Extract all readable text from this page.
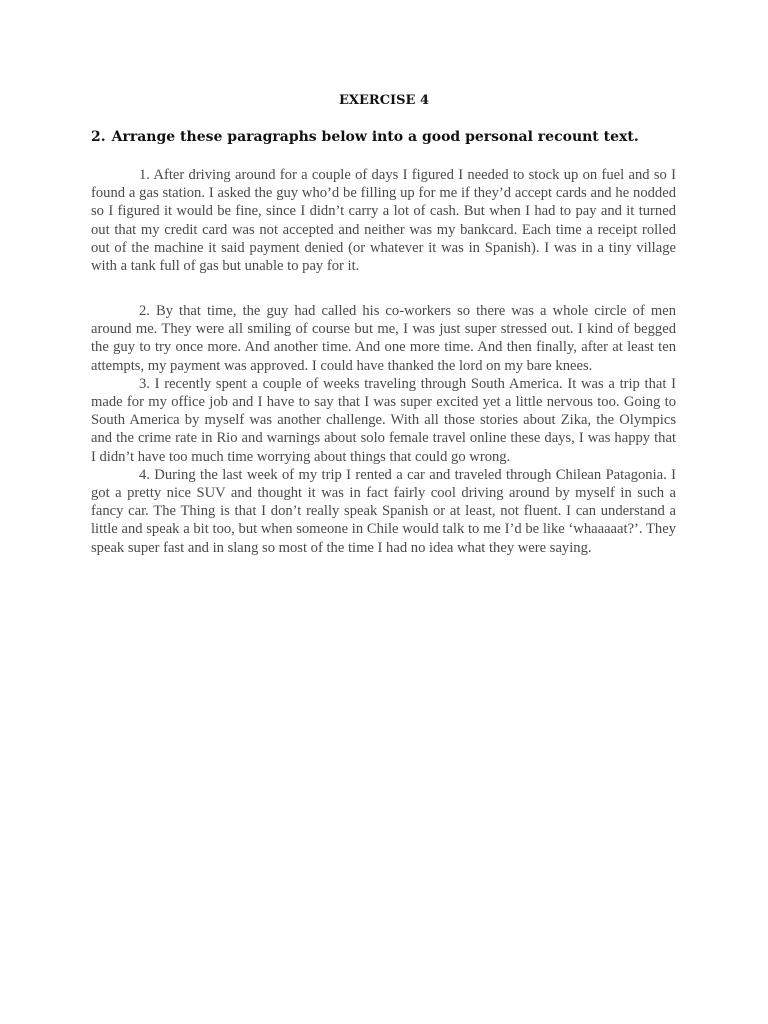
EXERCISE 4
2. Arrange these paragraphs below into a good personal recount text.

1. After driving around for a couple of days I figured I needed to stock up on fuel and so I found a gas station. I asked the guy who’d be filling up for me if they’d accept cards and he nodded so I figured it would be fine, since I didn’t carry a lot of cash. But when I had to pay and it turned out that my credit card was not accepted and neither was my bankcard. Each time a receipt rolled out of the machine it said payment denied (or whatever it was in Spanish). I was in a tiny village with a tank full of gas but unable to pay for it.

2. By that time, the guy had called his co-workers so there was a whole circle of men around me. They were all smiling of course but me, I was just super stressed out. I kind of begged the guy to try once more. And another time. And one more time. And then finally, after at least ten attempts, my payment was approved. I could have thanked the lord on my bare knees.

3. I recently spent a couple of weeks traveling through South America. It was a trip that I made for my office job and I have to say that I was super excited yet a little nervous too. Going to South America by myself was another challenge. With all those stories about Zika, the Olympics and the crime rate in Rio and warnings about solo female travel online these days, I was happy that I didn’t have too much time worrying about things that could go wrong.

4. During the last week of my trip I rented a car and traveled through Chilean Patagonia. I got a pretty nice SUV and thought it was in fact fairly cool driving around by myself in such a fancy car. The Thing is that I don’t really speak Spanish or at least, not fluent. I can understand a little and speak a bit too, but when someone in Chile would talk to me I’d be like ‘whaaaaat?’. They speak super fast and in slang so most of the time I had no idea what they were saying.
